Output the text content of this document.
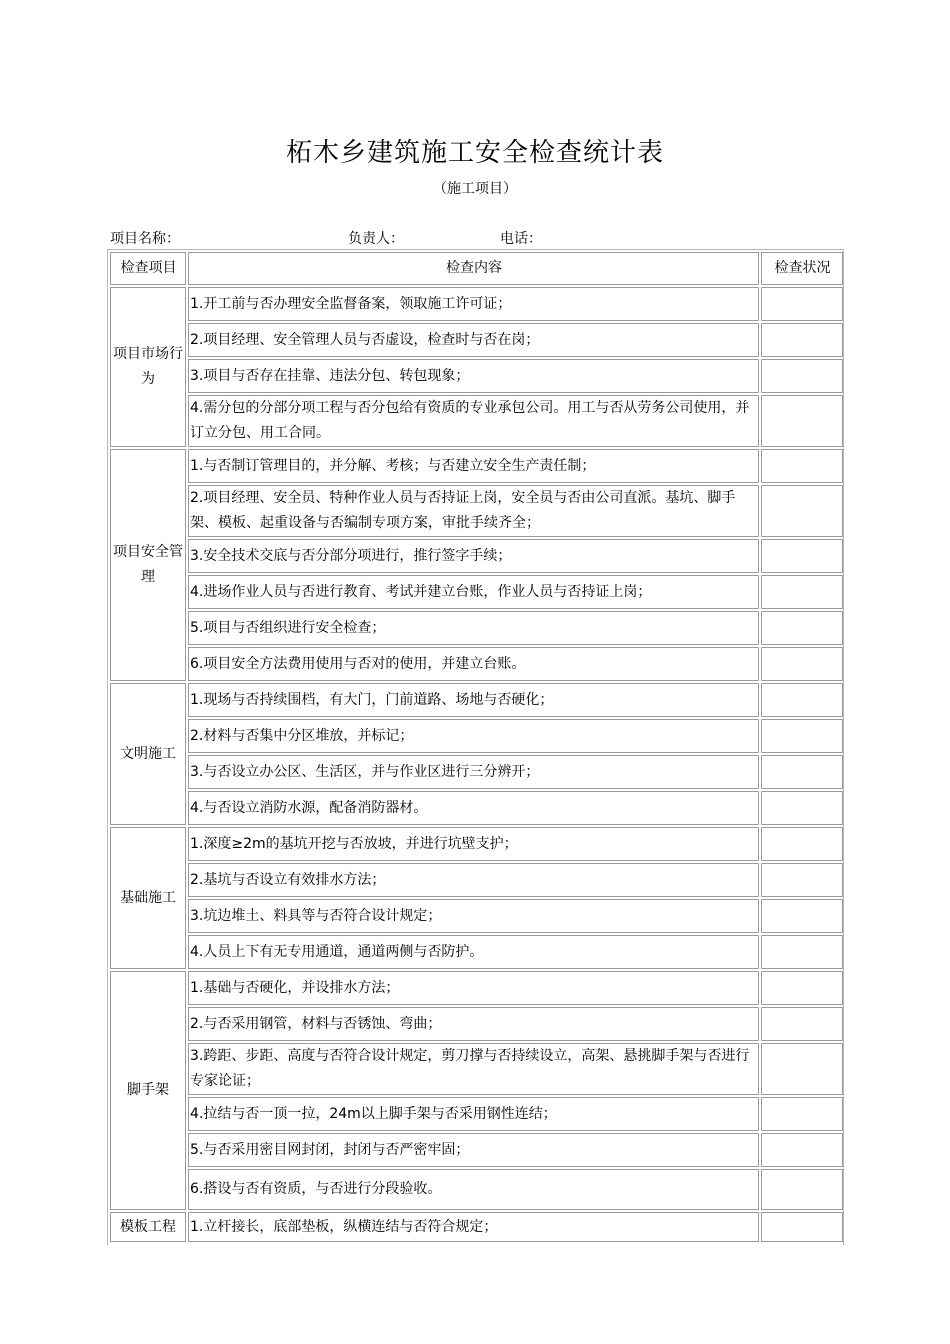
柘木乡建筑施工安全检查统计表
（施工项目）
项目名称：	负责人：	电话：
检查项目	检查内容	检查状况
项目市场行为	1.开工前与否办理安全监督备案，领取施工许可证；	
	2.项目经理、安全管理人员与否虚设，检查时与否在岗；	
	3.项目与否存在挂靠、违法分包、转包现象；	
	4.需分包的分部分项工程与否分包给有资质的专业承包公司。用工与否从劳务公司使用，并订立分包、用工合同。	
项目安全管理	1.与否制订管理目的，并分解、考核；与否建立安全生产责任制；	
	2.项目经理、安全员、特种作业人员与否持证上岗，安全员与否由公司直派。基坑、脚手架、模板、起重设备与否编制专项方案，审批手续齐全；	
	3.安全技术交底与否分部分项进行，推行签字手续；	
	4.进场作业人员与否进行教育、考试并建立台账，作业人员与否持证上岗；	
	5.项目与否组织进行安全检查；	
	6.项目安全方法费用使用与否对的使用，并建立台账。	
文明施工	1.现场与否持续围档，有大门，门前道路、场地与否硬化；	
	2.材料与否集中分区堆放，并标记；	
	3.与否设立办公区、生活区，并与作业区进行三分辨开；	
	4.与否设立消防水源，配备消防器材。	
基础施工	1.深度≥2m的基坑开挖与否放坡，并进行坑壁支护；	
	2.基坑与否设立有效排水方法；	
	3.坑边堆土、料具等与否符合设计规定；	
	4.人员上下有无专用通道，通道两侧与否防护。	
脚手架	1.基础与否硬化，并设排水方法；	
	2.与否采用钢管，材料与否锈蚀、弯曲；	
	3.跨距、步距、高度与否符合设计规定，剪刀撑与否持续设立，高架、悬挑脚手架与否进行专家论证；	
	4.拉结与否一顶一拉，24m以上脚手架与否采用钢性连结；	
	5.与否采用密目网封闭，封闭与否严密牢固；	
	6.搭设与否有资质，与否进行分段验收。	
模板工程	1.立杆接长，底部垫板，纵横连结与否符合规定；	
